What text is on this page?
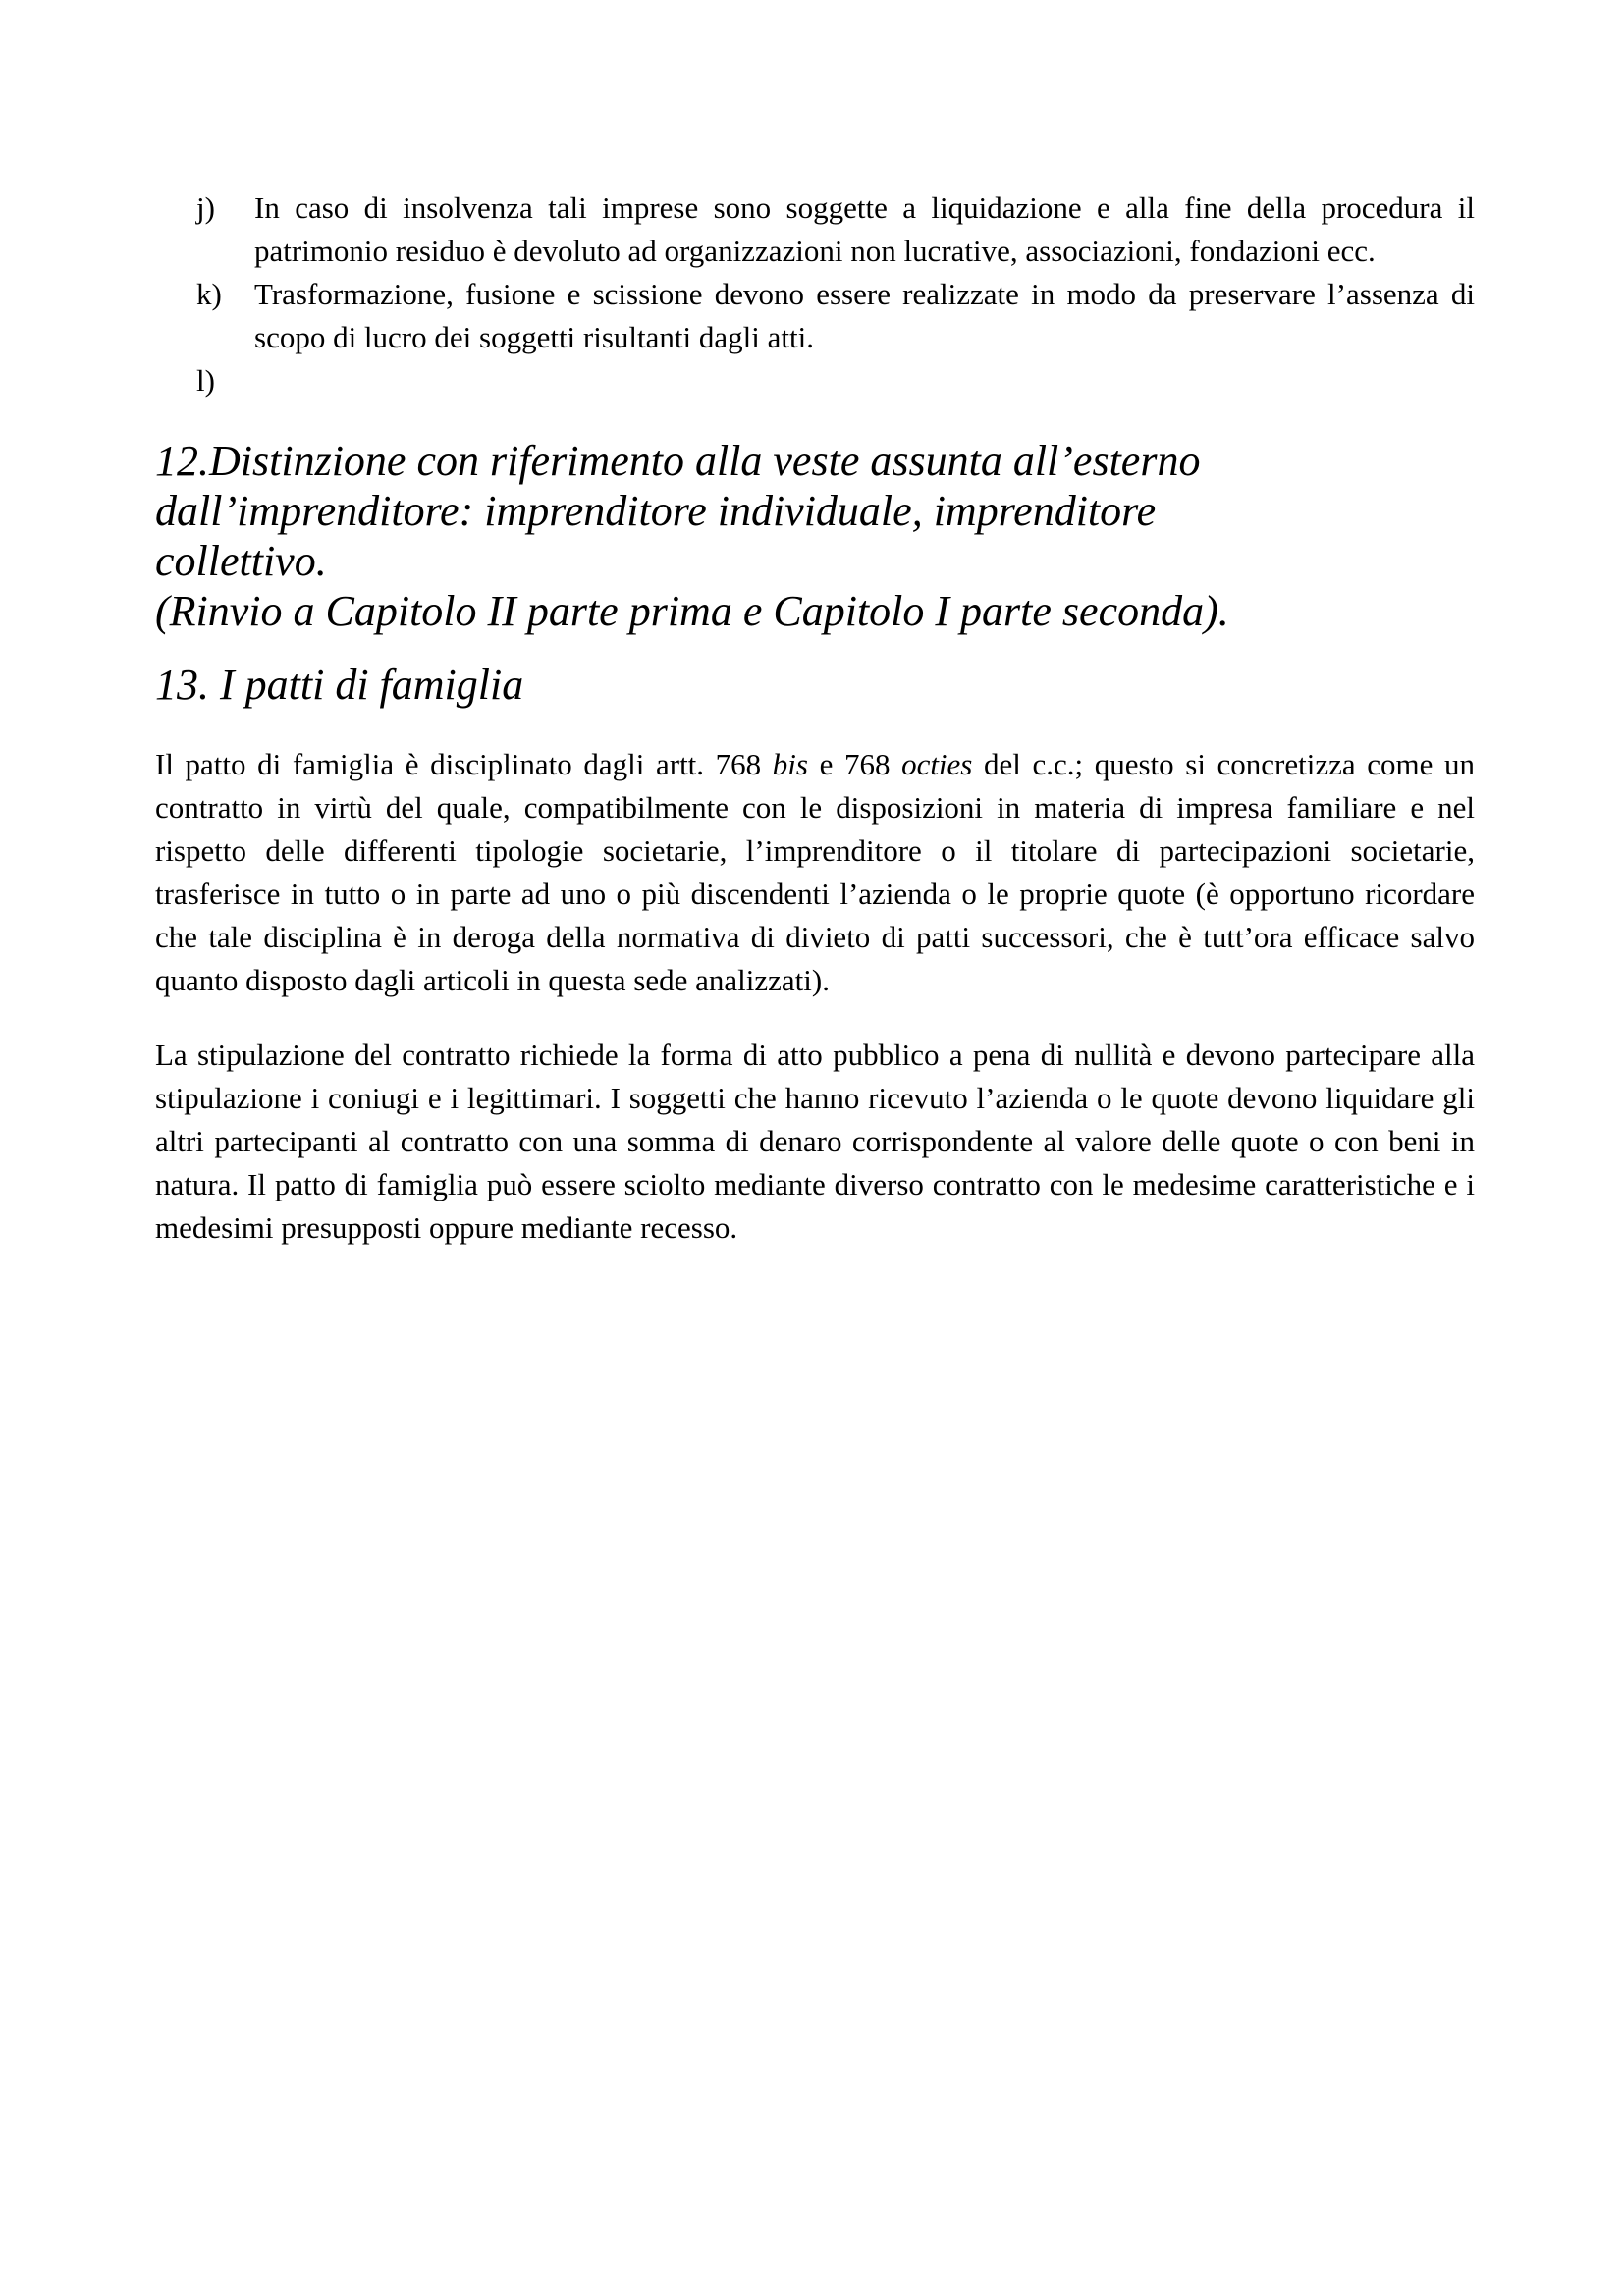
j) In caso di insolvenza tali imprese sono soggette a liquidazione e alla fine della procedura il patrimonio residuo è devoluto ad organizzazioni non lucrative, associazioni, fondazioni ecc.
k) Trasformazione, fusione e scissione devono essere realizzate in modo da preservare l’assenza di scopo di lucro dei soggetti risultanti dagli atti.
l)

12.Distinzione con riferimento alla veste assunta all’esterno
dall’imprenditore: imprenditore individuale, imprenditore collettivo.
(Rinvio a Capitolo II parte prima e Capitolo I parte seconda).
13. I patti di famiglia

Il patto di famiglia è disciplinato dagli artt. 768 bis e 768 octies del c.c.; questo si concretizza come un contratto in virtù del quale, compatibilmente con le disposizioni in materia di impresa familiare e nel rispetto delle differenti tipologie societarie, l’imprenditore o il titolare di partecipazioni societarie, trasferisce in tutto o in parte ad uno o più discendenti l’azienda o le proprie quote (è opportuno ricordare che tale disciplina è in deroga della normativa di divieto di patti successori, che è tutt’ora efficace salvo quanto disposto dagli articoli in questa sede analizzati).

La stipulazione del contratto richiede la forma di atto pubblico a pena di nullità e devono partecipare alla stipulazione i coniugi e i legittimari. I soggetti che hanno ricevuto l’azienda o le quote devono liquidare gli altri partecipanti al contratto con una somma di denaro corrispondente al valore delle quote o con beni in natura. Il patto di famiglia può essere sciolto mediante diverso contratto con le medesime caratteristiche e i medesimi presupposti oppure mediante recesso.
